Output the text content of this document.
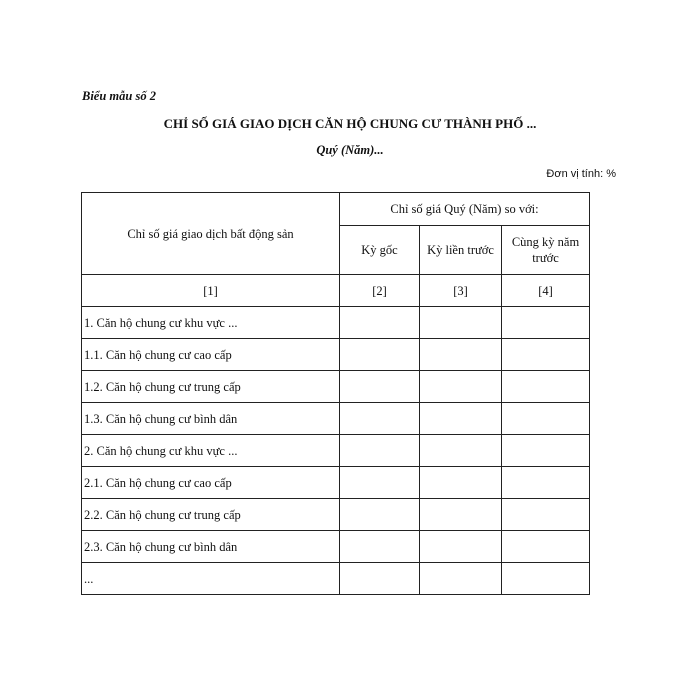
Biểu mẫu số 2
CHỈ SỐ GIÁ GIAO DỊCH CĂN HỘ CHUNG CƯ THÀNH PHỐ ...
Quý (Năm)...
Đơn vị tính: %
Chỉ số giá giao dịch bất động sản	Chỉ số giá Quý (Năm) so với:		
	Kỳ gốc	Kỳ liền trước	Cùng kỳ năm trước
[1]	[2]	[3]	[4]
1. Căn hộ chung cư khu vực ...			
1.1. Căn hộ chung cư cao cấp			
1.2. Căn hộ chung cư trung cấp			
1.3. Căn hộ chung cư bình dân			
2. Căn hộ chung cư khu vực ...			
2.1. Căn hộ chung cư cao cấp			
2.2. Căn hộ chung cư trung cấp			
2.3. Căn hộ chung cư bình dân			
...			
